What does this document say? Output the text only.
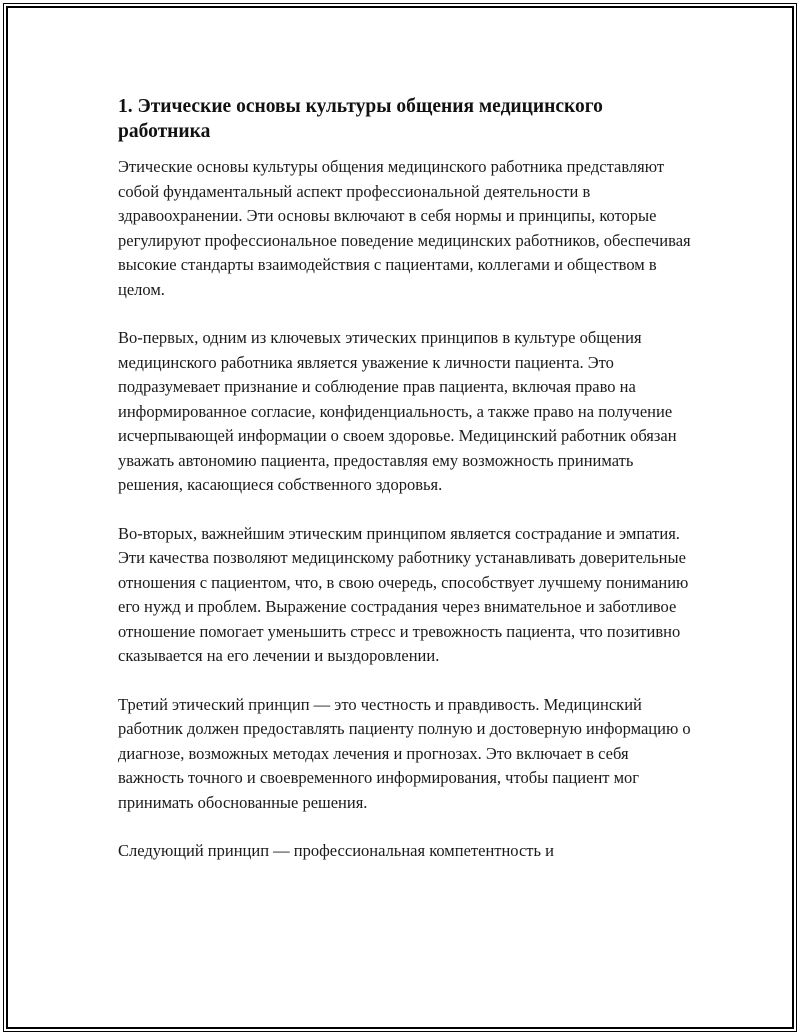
1. Этические основы культуры общения медицинского работника

Этические основы культуры общения медицинского работника представляют собой фундаментальный аспект профессиональной деятельности в здравоохранении. Эти основы включают в себя нормы и принципы, которые регулируют профессиональное поведение медицинских работников, обеспечивая высокие стандарты взаимодействия с пациентами, коллегами и обществом в целом.

Во-первых, одним из ключевых этических принципов в культуре общения медицинского работника является уважение к личности пациента. Это подразумевает признание и соблюдение прав пациента, включая право на информированное согласие, конфиденциальность, а также право на получение исчерпывающей информации о своем здоровье. Медицинский работник обязан уважать автономию пациента, предоставляя ему возможность принимать решения, касающиеся собственного здоровья.

Во-вторых, важнейшим этическим принципом является сострадание и эмпатия. Эти качества позволяют медицинскому работнику устанавливать доверительные отношения с пациентом, что, в свою очередь, способствует лучшему пониманию его нужд и проблем. Выражение сострадания через внимательное и заботливое отношение помогает уменьшить стресс и тревожность пациента, что позитивно сказывается на его лечении и выздоровлении.

Третий этический принцип — это честность и правдивость. Медицинский работник должен предоставлять пациенту полную и достоверную информацию о диагнозе, возможных методах лечения и прогнозах. Это включает в себя важность точного и своевременного информирования, чтобы пациент мог принимать обоснованные решения.

Следующий принцип — профессиональная компетентность и
